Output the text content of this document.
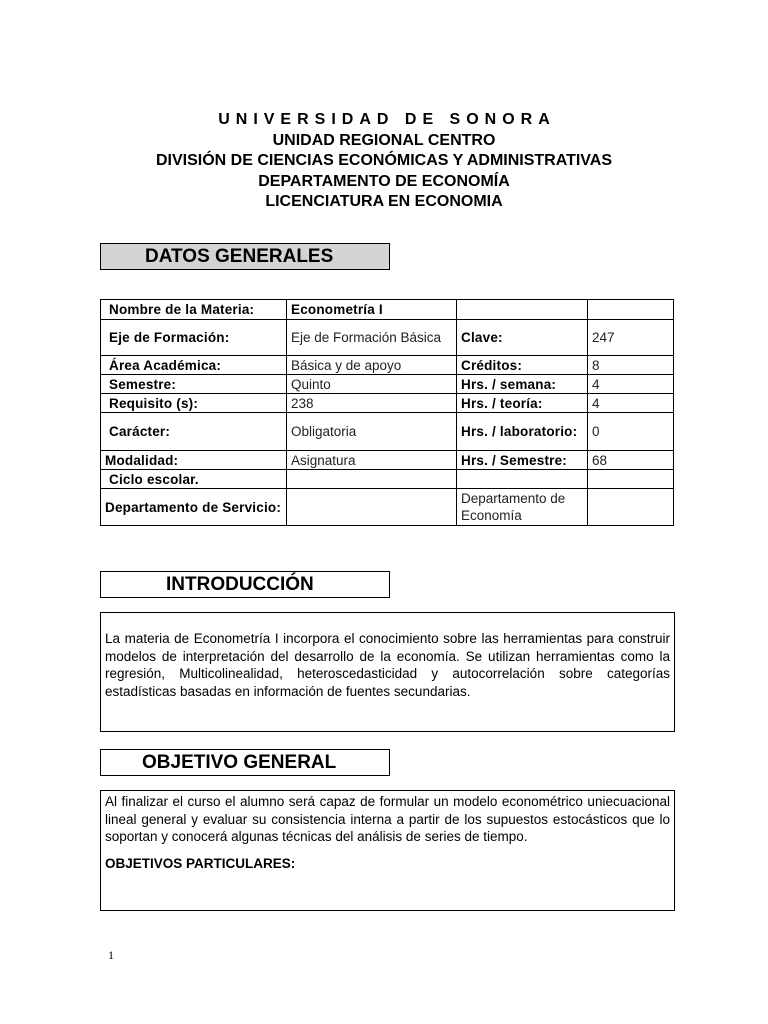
UNIVERSIDAD DE SONORA
UNIDAD REGIONAL CENTRO
DIVISIÓN DE CIENCIAS ECONÓMICAS Y ADMINISTRATIVAS
DEPARTAMENTO DE ECONOMÍA
LICENCIATURA EN ECONOMIA
DATOS GENERALES
Nombre de la Materia:	Econometría I		
Eje de Formación:	Eje de Formación Básica	Clave:	247
Área Académica:	Básica y de apoyo	Créditos:	8
Semestre:	Quinto	Hrs. / semana:	4
Requisito (s):	238	Hrs. / teoría:	4
Carácter:	Obligatoria	Hrs. / laboratorio:	0
Modalidad:	Asignatura	Hrs. / Semestre:	68
Ciclo escolar.			
Departamento de Servicio:		Departamento de Economía	
INTRODUCCIÓN
La materia de Econometría I incorpora el conocimiento sobre las herramientas para construir modelos de interpretación del desarrollo de la economía. Se utilizan herramientas como la regresión, Multicolinealidad, heteroscedasticidad y autocorrelación sobre categorías estadísticas basadas en información de fuentes secundarias.
OBJETIVO GENERAL
Al finalizar el curso el alumno será capaz de formular un modelo econométrico uniecuacional lineal general y evaluar su consistencia interna a partir de los supuestos estocásticos que lo soportan y conocerá algunas técnicas del análisis de series de tiempo.
OBJETIVOS PARTICULARES:
1
